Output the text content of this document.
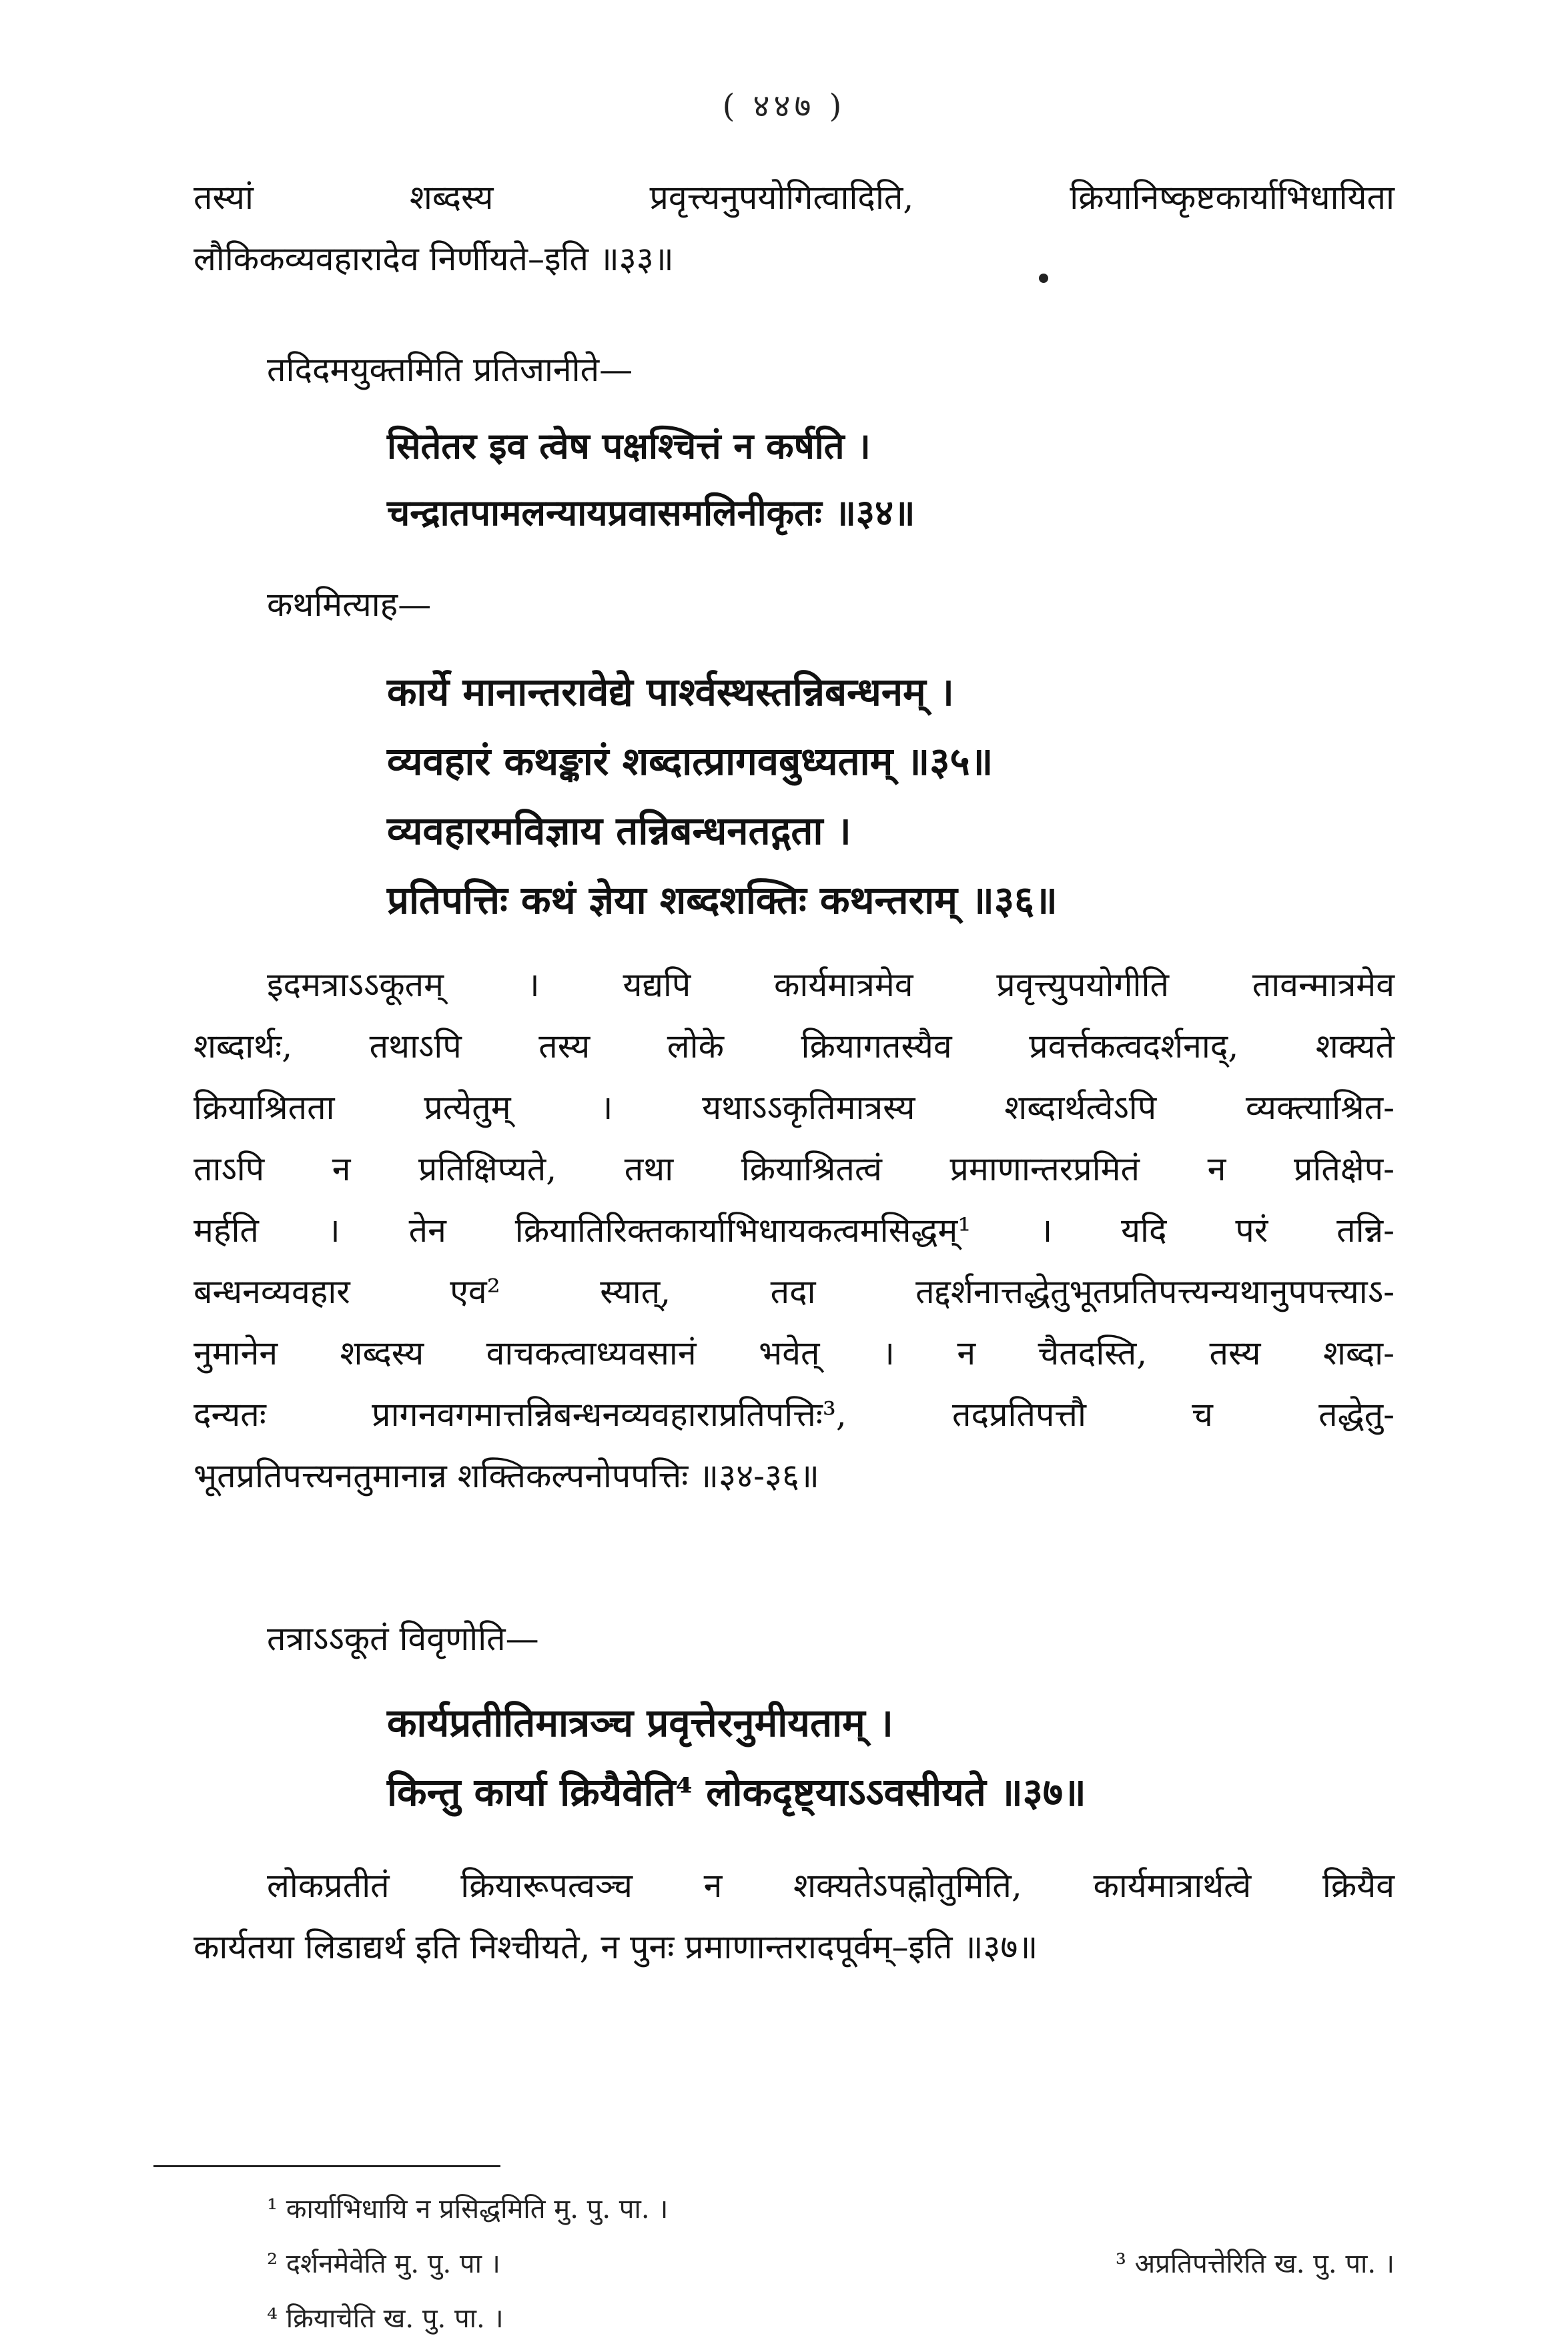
( ४४७ )
तस्यां शब्दस्य प्रवृत्त्यनुपयोगित्वादिति, क्रियानिष्कृष्टकार्याभिधायिता
लौकिकव्यवहारादेव निर्णीयते–इति ॥३३॥
तदिदमयुक्तमिति प्रतिजानीते—
सितेतर इव त्वेष पक्षश्चित्तं न कर्षति ।
चन्द्रातपामलन्यायप्रवासमलिनीकृतः ॥३४॥
कथमित्याह—
कार्ये मानान्तरावेद्ये पार्श्वस्थस्तन्निबन्धनम् ।
व्यवहारं कथङ्कारं शब्दात्प्रागवबुध्यताम् ॥३५॥
व्यवहारमविज्ञाय तन्निबन्धनतद्गता ।
प्रतिपत्तिः कथं ज्ञेया शब्दशक्तिः कथन्तराम् ॥३६॥
इदमत्राऽऽकूतम् । यद्यपि कार्यमात्रमेव प्रवृत्त्युपयोगीति तावन्मात्रमेव
शब्दार्थः, तथाऽपि तस्य लोके क्रियागतस्यैव प्रवर्त्तकत्वदर्शनाद्, शक्यते
क्रियाश्रितता प्रत्येतुम् । यथाऽऽकृतिमात्रस्य शब्दार्थत्वेऽपि व्यक्त्याश्रित-
ताऽपि न प्रतिक्षिप्यते, तथा क्रियाश्रितत्वं प्रमाणान्तरप्रमितं न प्रतिक्षेप-
मर्हति । तेन क्रियातिरिक्तकार्याभिधायकत्वमसिद्धम्¹ । यदि परं तन्नि-
बन्धनव्यवहार एव² स्यात्, तदा तद्दर्शनात्तद्धेतुभूतप्रतिपत्त्यन्यथानुपपत्त्याऽ-
नुमानेन शब्दस्य वाचकत्वाध्यवसानं भवेत् । न चैतदस्ति, तस्य शब्दा-
दन्यतः प्रागनवगमात्तन्निबन्धनव्यवहाराप्रतिपत्तिः³, तदप्रतिपत्तौ च तद्धेतु-
भूतप्रतिपत्त्यनतुमानान्न शक्तिकल्पनोपपत्तिः ॥३४-३६॥
तत्राऽऽकूतं विवृणोति—
कार्यप्रतीतिमात्रञ्च प्रवृत्तेरनुमीयताम् ।
किन्तु कार्या क्रियैवेति⁴ लोकदृष्ट्याऽऽवसीयते ॥३७॥
लोकप्रतीतं क्रियारूपत्वञ्च न शक्यतेऽपह्नोतुमिति, कार्यमात्रार्थत्वे क्रियैव
कार्यतया लिडाद्यर्थ इति निश्चीयते, न पुनः प्रमाणान्तरादपूर्वम्–इति ॥३७॥
¹ कार्याभिधायि न प्रसिद्धमिति मु. पु. पा. ।
² दर्शनमेवेति मु. पु. पा ।	³ अप्रतिपत्तेरिति ख. पु. पा. ।
⁴ क्रियाचेति ख. पु. पा. ।
